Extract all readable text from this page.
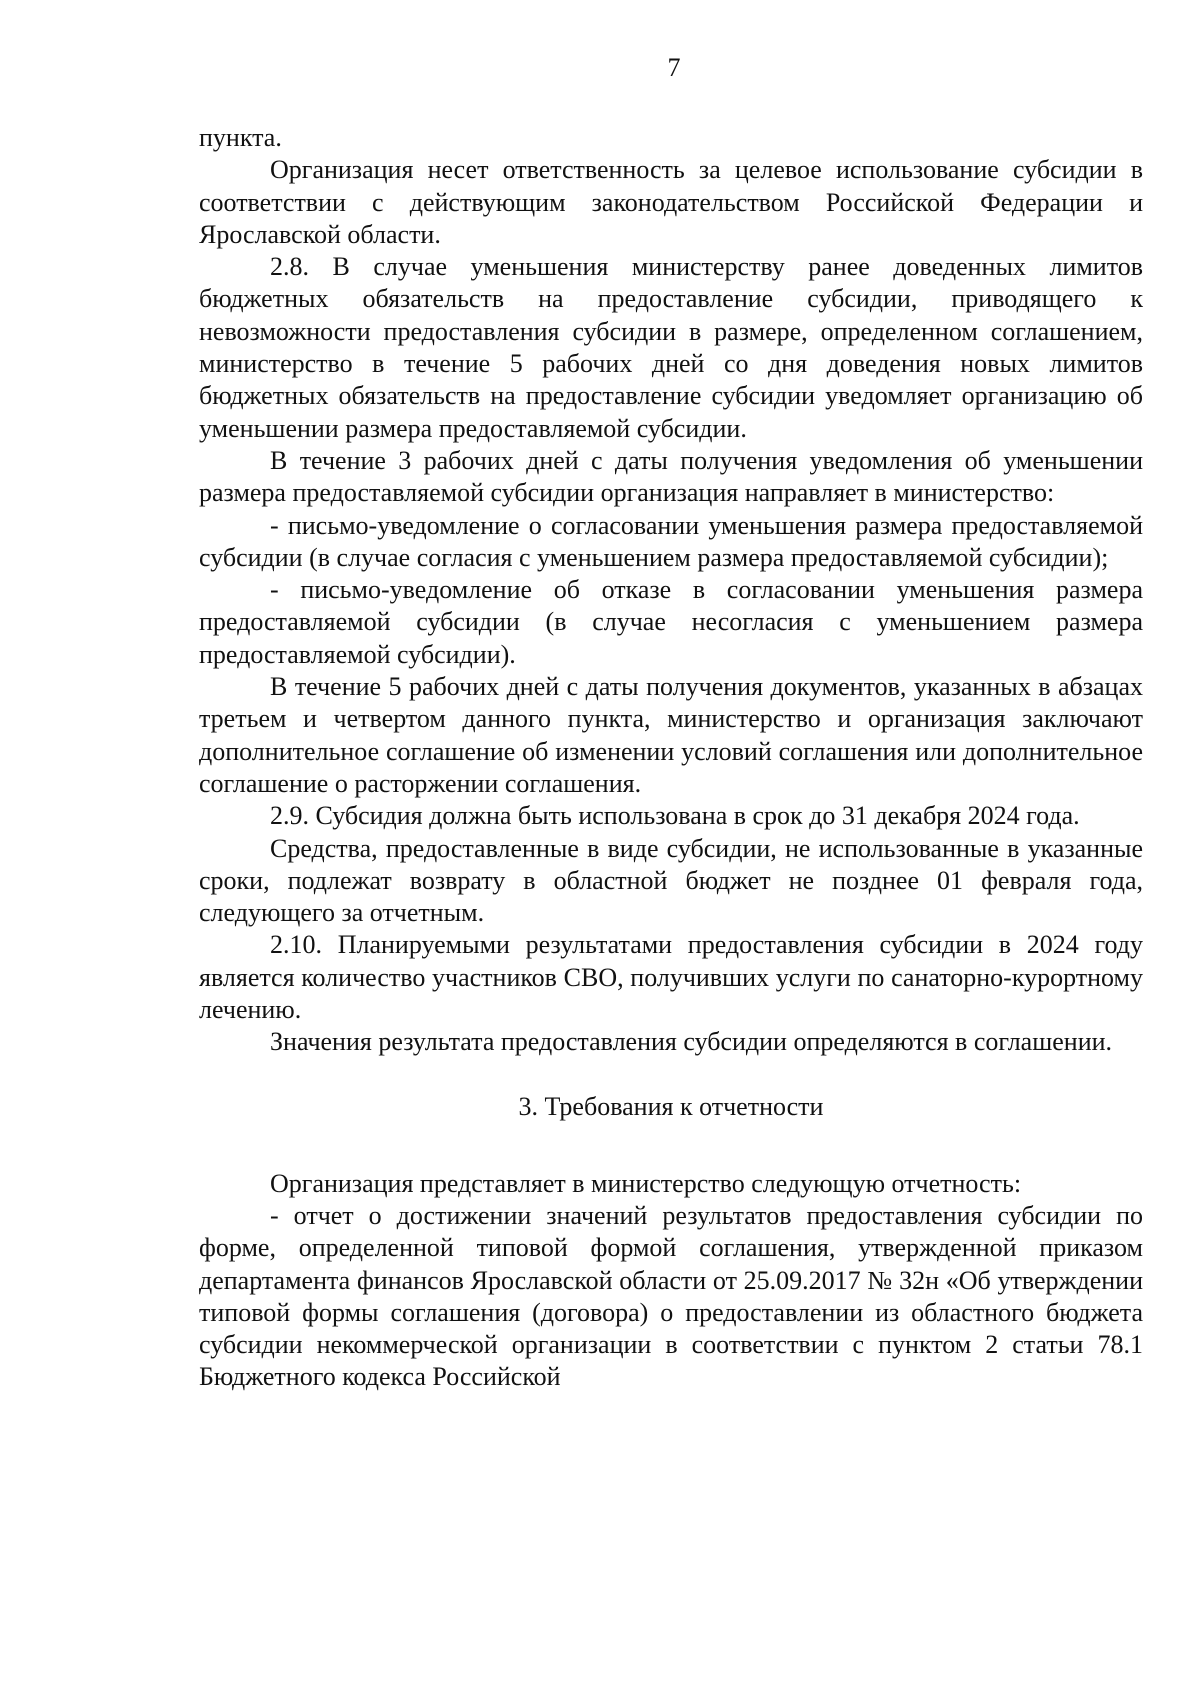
7

пункта.

Организация несет ответственность за целевое использование субсидии в соответствии с действующим законодательством Российской Федерации и Ярославской области.

2.8. В случае уменьшения министерству ранее доведенных лимитов бюджетных обязательств на предоставление субсидии, приводящего к невозможности предоставления субсидии в размере, определенном соглашением, министерство в течение 5 рабочих дней со дня доведения новых лимитов бюджетных обязательств на предоставление субсидии уведомляет организацию об уменьшении размера предоставляемой субсидии.

В течение 3 рабочих дней с даты получения уведомления об уменьшении размера предоставляемой субсидии организация направляет в министерство:

- письмо-уведомление о согласовании уменьшения размера предоставляемой субсидии (в случае согласия с уменьшением размера предоставляемой субсидии);

- письмо-уведомление об отказе в согласовании уменьшения размера предоставляемой субсидии (в случае несогласия с уменьшением размера предоставляемой субсидии).

В течение 5 рабочих дней с даты получения документов, указанных в абзацах третьем и четвертом данного пункта, министерство и организация заключают дополнительное соглашение об изменении условий соглашения или дополнительное соглашение о расторжении соглашения.

2.9. Субсидия должна быть использована в срок до 31 декабря 2024 года.

Средства, предоставленные в виде субсидии, не использованные в указанные сроки, подлежат возврату в областной бюджет не позднее 01 февраля года, следующего за отчетным.

2.10. Планируемыми результатами предоставления субсидии в 2024 году является количество участников СВО, получивших услуги по санаторно-курортному лечению.

Значения результата предоставления субсидии определяются в соглашении.

3. Требования к отчетности

Организация представляет в министерство следующую отчетность:

- отчет о достижении значений результатов предоставления субсидии по форме, определенной типовой формой соглашения, утвержденной приказом департамента финансов Ярославской области от 25.09.2017 № 32н «Об утверждении типовой формы соглашения (договора) о предоставлении из областного бюджета субсидии некоммерческой организации в соответствии с пунктом 2 статьи 78.1 Бюджетного кодекса Российской
